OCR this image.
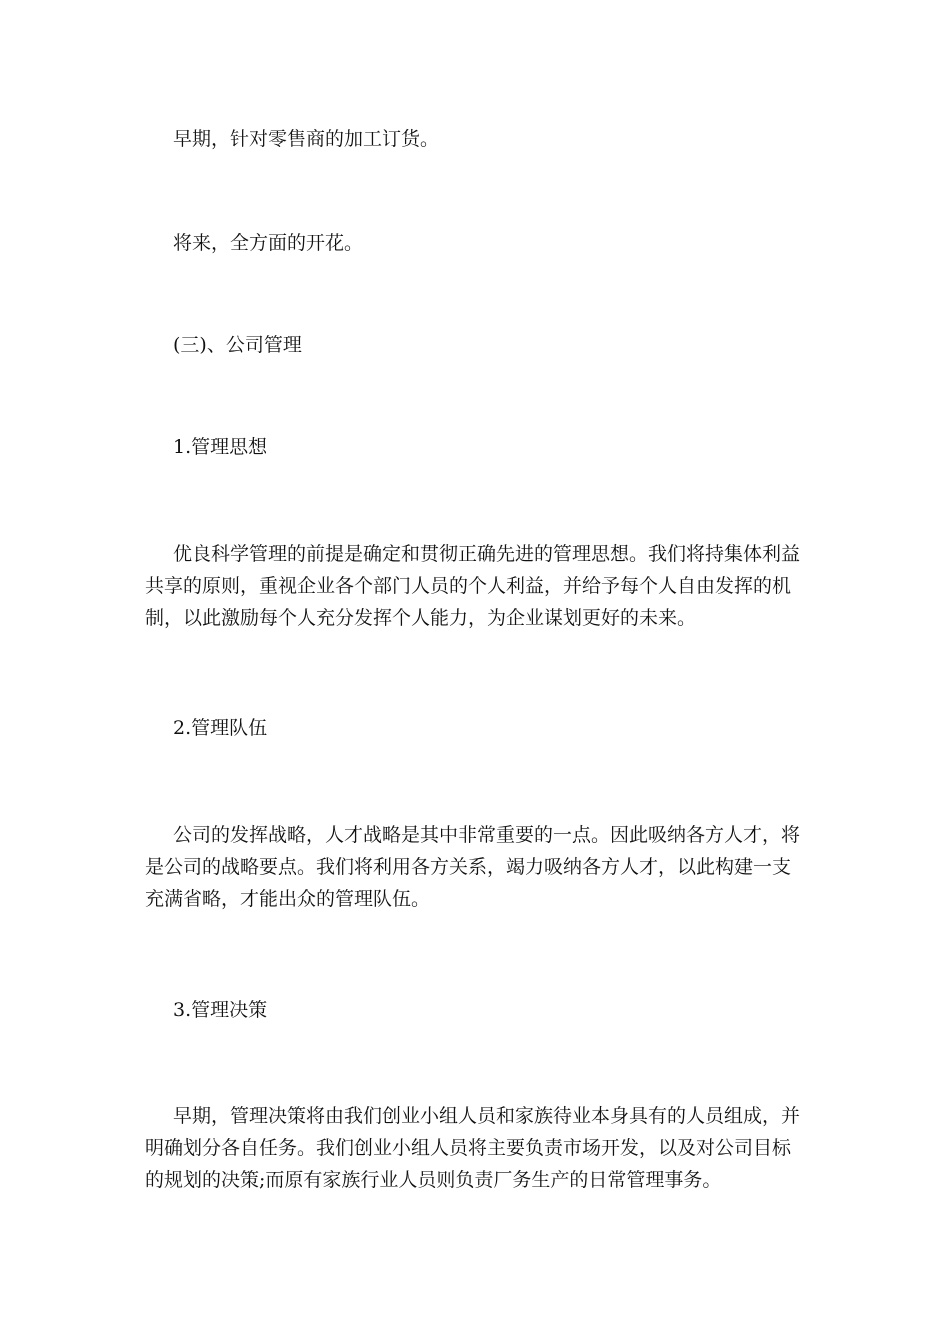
早期，针对零售商的加工订货。

将来，全方面的开花。

(三)、公司管理

1.管理思想

优良科学管理的前提是确定和贯彻正确先进的管理思想。我们将持集体利益
共享的原则，重视企业各个部门人员的个人利益，并给予每个人自由发挥的机
制，以此激励每个人充分发挥个人能力，为企业谋划更好的未来。

2.管理队伍

公司的发挥战略，人才战略是其中非常重要的一点。因此吸纳各方人才，将
是公司的战略要点。我们将利用各方关系，竭力吸纳各方人才，以此构建一支
充满省略，才能出众的管理队伍。

3.管理决策

早期，管理决策将由我们创业小组人员和家族待业本身具有的人员组成，并
明确划分各自任务。我们创业小组人员将主要负责市场开发，以及对公司目标
的规划的决策;而原有家族行业人员则负责厂务生产的日常管理事务。
